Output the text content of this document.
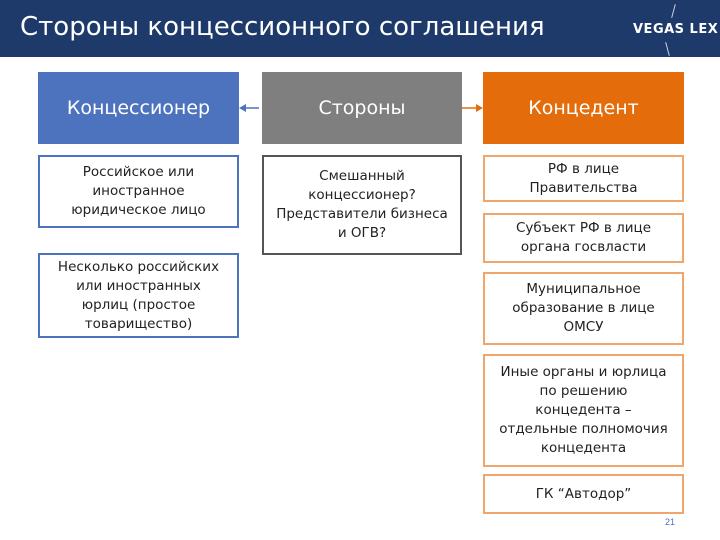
Стороны концессионного соглашения	VEGAS LEX
Концессионер	Стороны	Концедент
Российское или
иностранное
юридическое лицо
Несколько российских
или иностранных
юрлиц (простое
товарищество)
Смешанный
концессионер?
Представители бизнеса
и ОГВ?
РФ в лице
Правительства
Субъект РФ в лице
органа госвласти
Муниципальное
образование в лице
ОМСУ
Иные органы и юрлица
по решению
концедента –
отдельные полномочия
концедента
ГК “Автодор”
21
